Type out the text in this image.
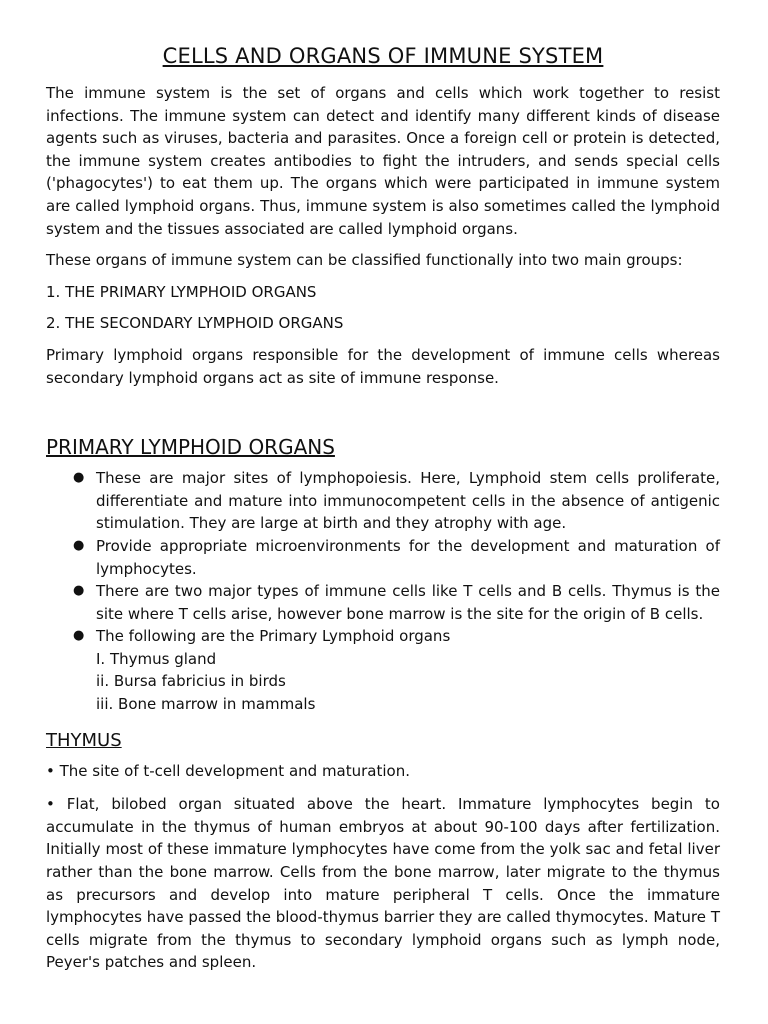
CELLS AND ORGANS OF IMMUNE SYSTEM

The immune system is the set of organs and cells which work together to resist infections. The immune system can detect and identify many different kinds of disease agents such as viruses, bacteria and parasites. Once a foreign cell or protein is detected, the immune system creates antibodies to fight the intruders, and sends special cells ('phagocytes') to eat them up. The organs which were participated in immune system are called lymphoid organs. Thus, immune system is also sometimes called the lymphoid system and the tissues associated are called lymphoid organs.

These organs of immune system can be classified functionally into two main groups:

1. THE PRIMARY LYMPHOID ORGANS

2. THE SECONDARY LYMPHOID ORGANS

Primary lymphoid organs responsible for the development of immune cells whereas secondary lymphoid organs act as site of immune response.

PRIMARY LYMPHOID ORGANS
● These are major sites of lymphopoiesis. Here, Lymphoid stem cells proliferate, differentiate and mature into immunocompetent cells in the absence of antigenic stimulation. They are large at birth and they atrophy with age.
● Provide appropriate microenvironments for the development and maturation of lymphocytes.
● There are two major types of immune cells like T cells and B cells. Thymus is the site where T cells arise, however bone marrow is the site for the origin of B cells.
● The following are the Primary Lymphoid organs
I. Thymus gland
ii. Bursa fabricius in birds
iii. Bone marrow in mammals
THYMUS

• The site of t-cell development and maturation.

• Flat, bilobed organ situated above the heart. Immature lymphocytes begin to accumulate in the thymus of human embryos at about 90-100 days after fertilization. Initially most of these immature lymphocytes have come from the yolk sac and fetal liver rather than the bone marrow. Cells from the bone marrow, later migrate to the thymus as precursors and develop into mature peripheral T cells. Once the immature lymphocytes have passed the blood-thymus barrier they are called thymocytes. Mature T cells migrate from the thymus to secondary lymphoid organs such as lymph node, Peyer's patches and spleen.
